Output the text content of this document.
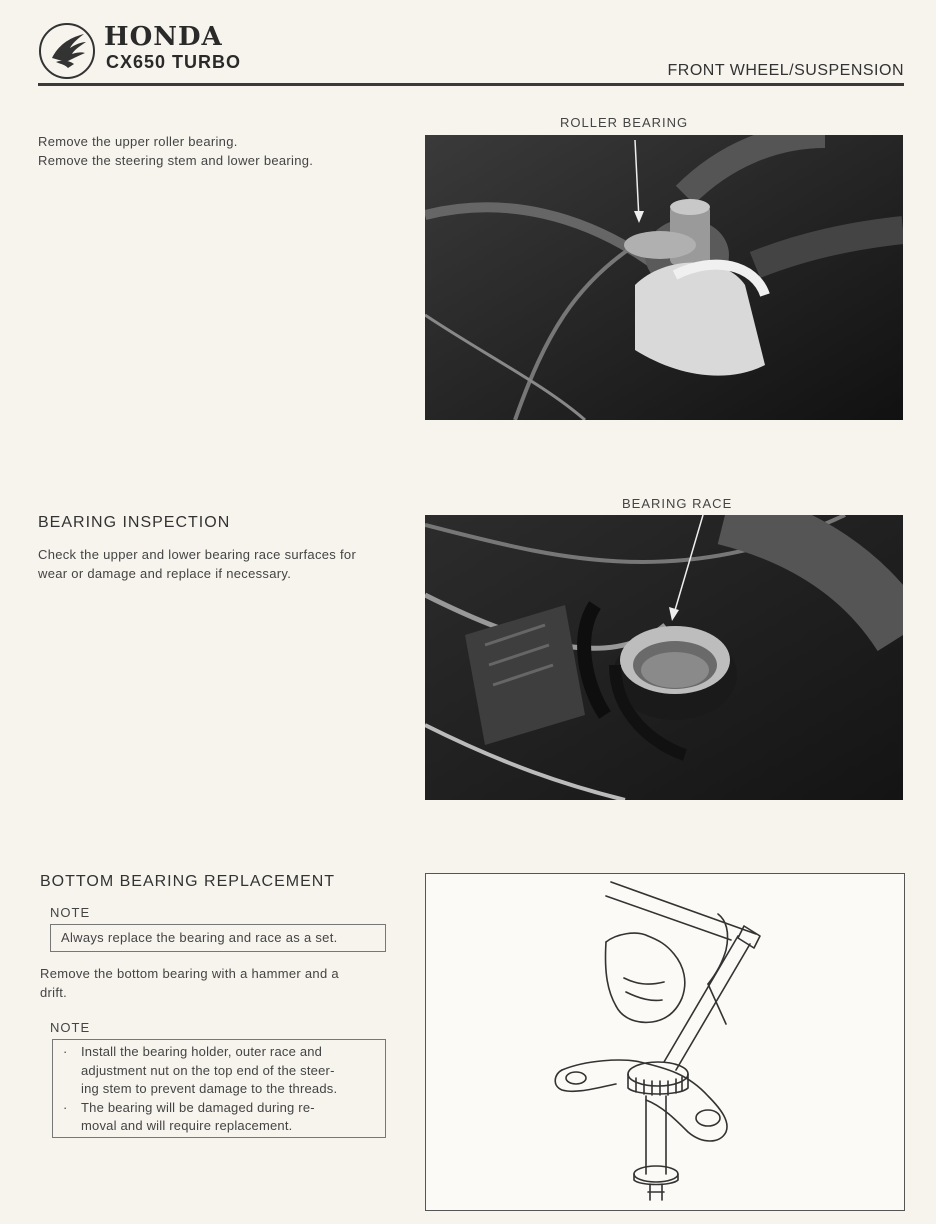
HONDA
CX650 TURBO	FRONT WHEEL/SUSPENSION
Remove the upper roller bearing.
Remove the steering stem and lower bearing.
ROLLER BEARING
BEARING INSPECTION
Check the upper and lower bearing race surfaces for
wear or damage and replace if necessary.
BEARING RACE
BOTTOM BEARING REPLACEMENT
NOTE
Always replace the bearing and race as a set.
Remove the bottom bearing with a hammer and a
drift.
NOTE
· Install the bearing holder, outer race and
adjustment nut on the top end of the steer-
ing stem to prevent damage to the threads.
· The bearing will be damaged during re-
moval and will require replacement.
